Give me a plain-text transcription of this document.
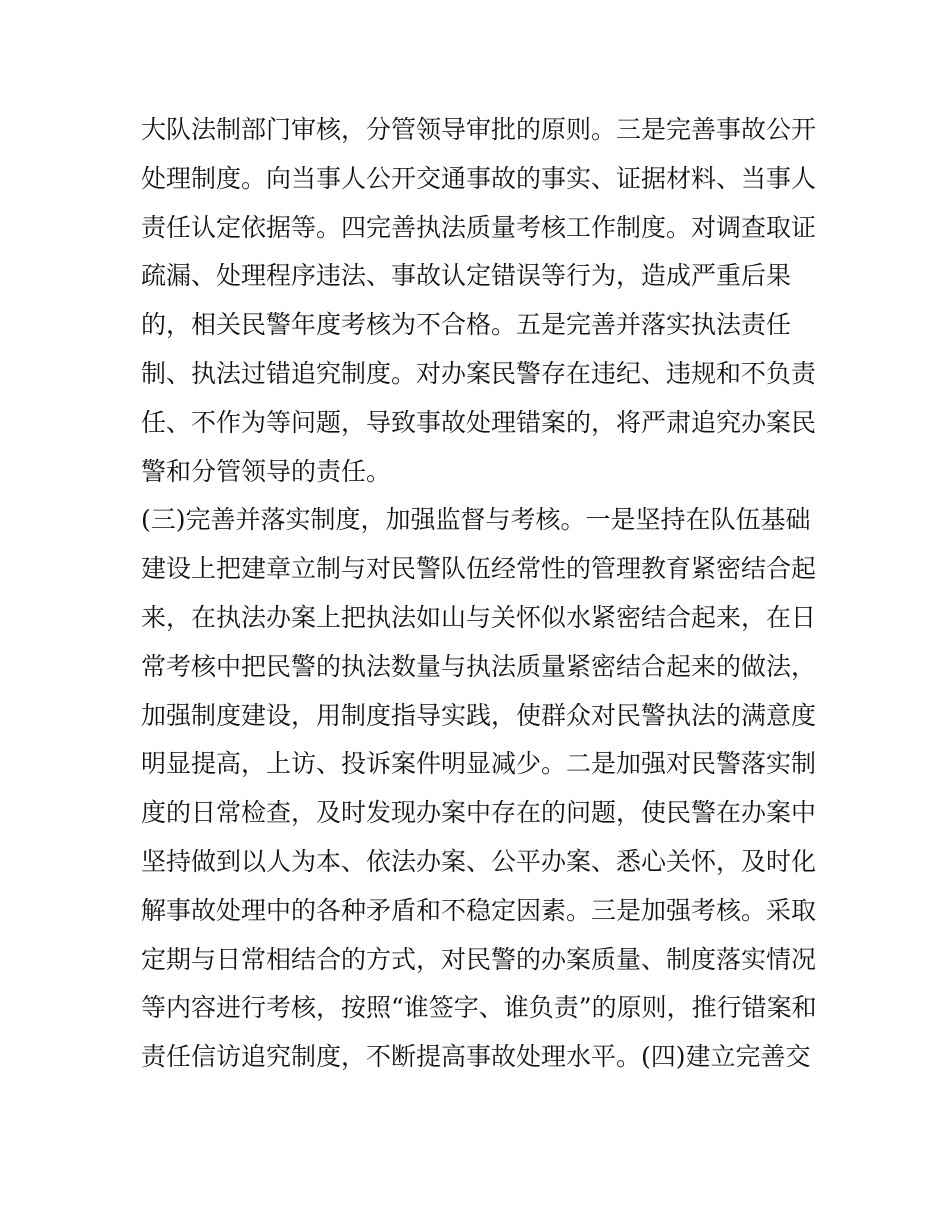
大队法制部门审核，分管领导审批的原则。三是完善事故公开
处理制度。向当事人公开交通事故的事实、证据材料、当事人
责任认定依据等。四完善执法质量考核工作制度。对调查取证
疏漏、处理程序违法、事故认定错误等行为，造成严重后果
的，相关民警年度考核为不合格。五是完善并落实执法责任
制、执法过错追究制度。对办案民警存在违纪、违规和不负责
任、不作为等问题，导致事故处理错案的，将严肃追究办案民
警和分管领导的责任。
(三)完善并落实制度，加强监督与考核。一是坚持在队伍基础
建设上把建章立制与对民警队伍经常性的管理教育紧密结合起
来，在执法办案上把执法如山与关怀似水紧密结合起来，在日
常考核中把民警的执法数量与执法质量紧密结合起来的做法，
加强制度建设，用制度指导实践，使群众对民警执法的满意度
明显提高，上访、投诉案件明显减少。二是加强对民警落实制
度的日常检查，及时发现办案中存在的问题，使民警在办案中
坚持做到以人为本、依法办案、公平办案、悉心关怀，及时化
解事故处理中的各种矛盾和不稳定因素。三是加强考核。采取
定期与日常相结合的方式，对民警的办案质量、制度落实情况
等内容进行考核，按照“谁签字、谁负责”的原则，推行错案和
责任信访追究制度，不断提高事故处理水平。(四)建立完善交
